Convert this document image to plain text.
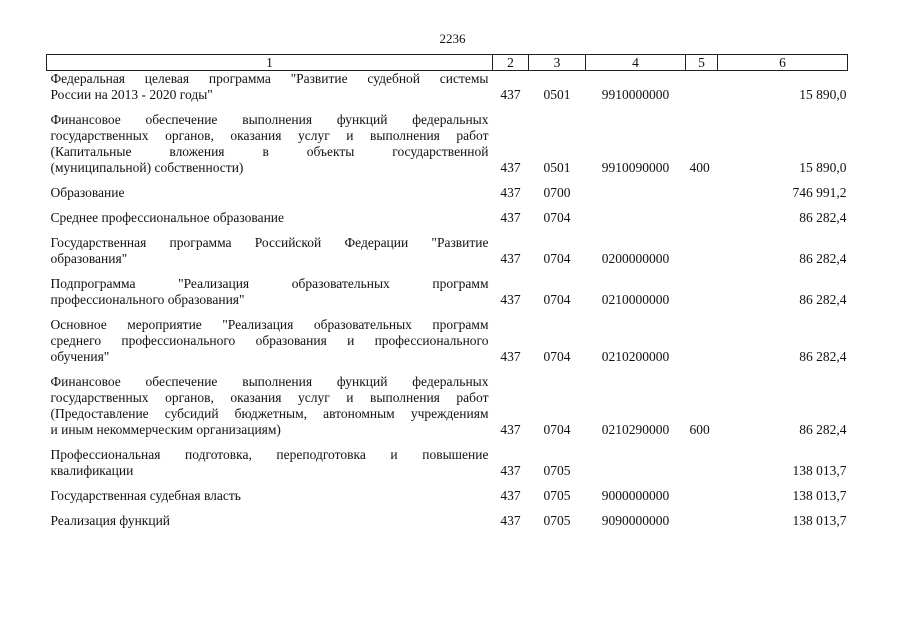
2236
1	2	3	4	5	6

Федеральная целевая программа "Развитие судебной системы
России на 2013 - 2020 годы"	437	0501	9910000000		15 890,0

Финансовое обеспечение выполнения функций федеральных
государственных органов, оказания услуг и выполнения работ
(Капитальные вложения в объекты государственной
(муниципальной) собственности)	437	0501	9910090000	400	15 890,0

Образование	437	0700			746 991,2

Среднее профессиональное образование	437	0704			86 282,4

Государственная программа Российской Федерации "Развитие
образования"	437	0704	0200000000		86 282,4

Подпрограмма "Реализация образовательных программ
профессионального образования"	437	0704	0210000000		86 282,4

Основное мероприятие "Реализация образовательных программ
среднего профессионального образования и профессионального
обучения"	437	0704	0210200000		86 282,4

Финансовое обеспечение выполнения функций федеральных
государственных органов, оказания услуг и выполнения работ
(Предоставление субсидий бюджетным, автономным учреждениям
и иным некоммерческим организациям)	437	0704	0210290000	600	86 282,4

Профессиональная подготовка, переподготовка и повышение
квалификации	437	0705			138 013,7

Государственная судебная власть	437	0705	9000000000		138 013,7

Реализация функций	437	0705	9090000000		138 013,7
